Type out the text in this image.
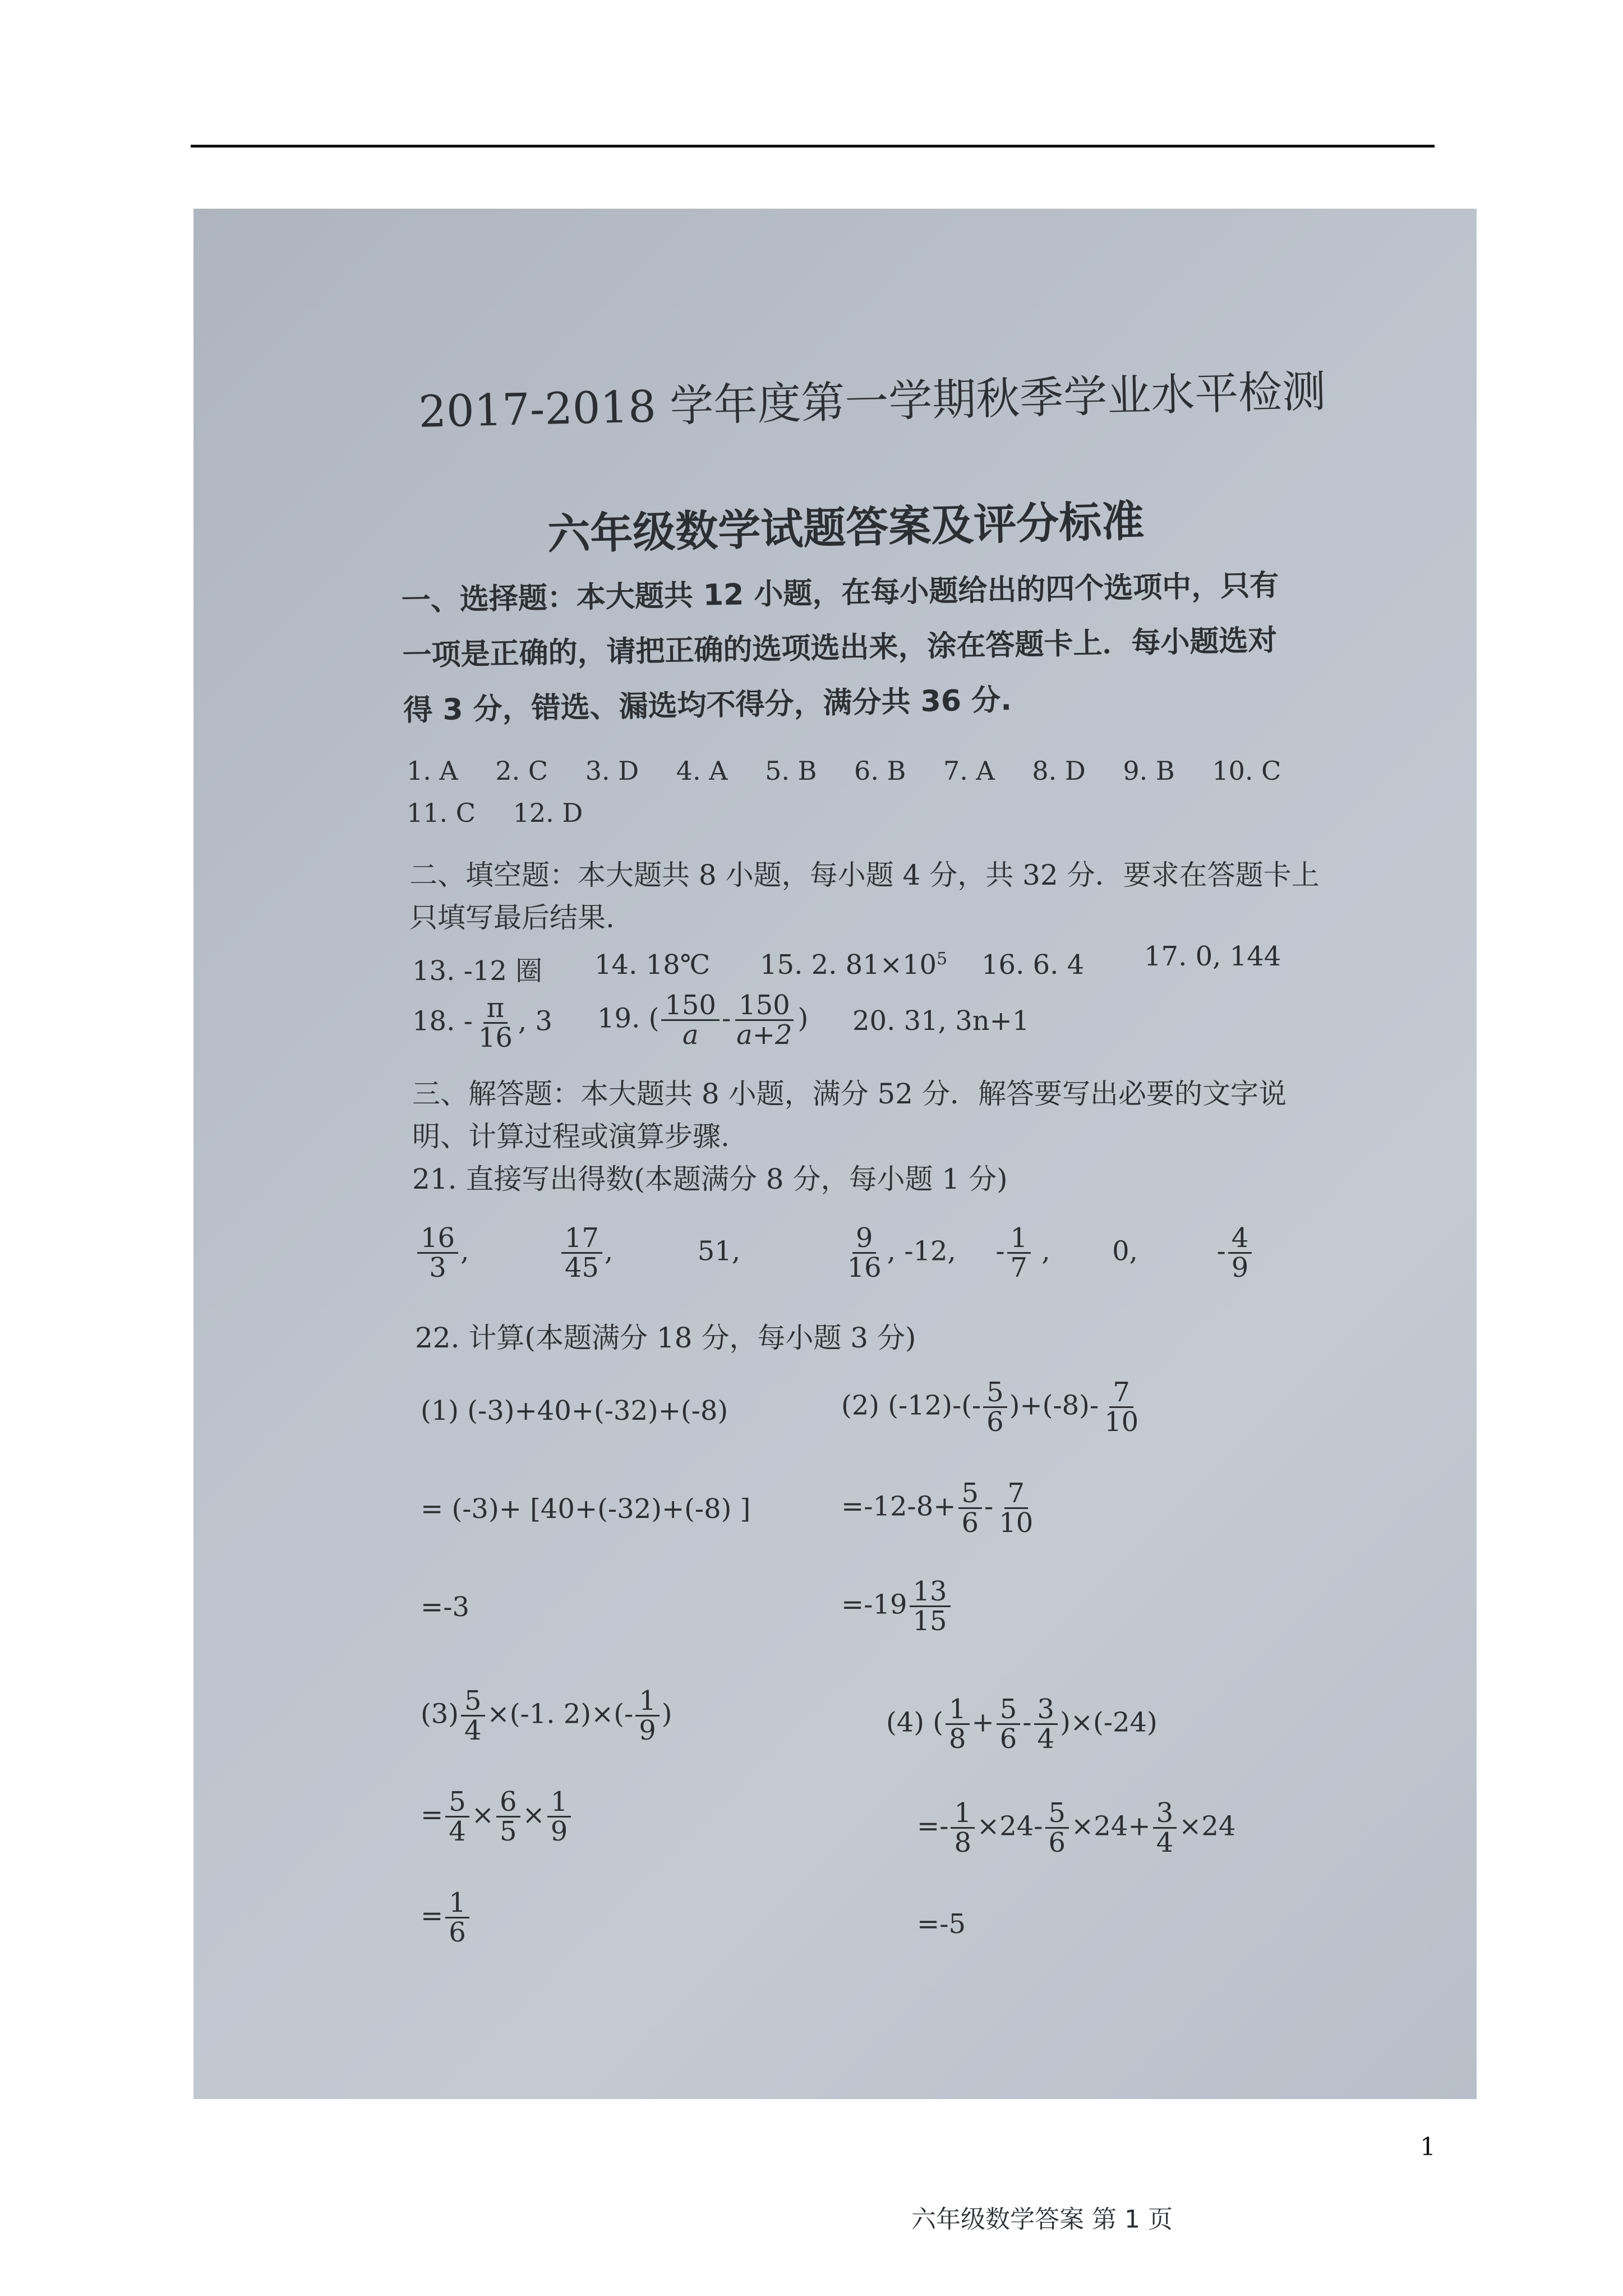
2017-2018 学年度第一学期秋季学业水平检测
六年级数学试题答案及评分标准
一、选择题：本大题共 12 小题，在每小题给出的四个选项中，只有
一项是正确的，请把正确的选项选出来，涂在答题卡上．每小题选对
得 3 分，错选、漏选均不得分，满分共 36 分.
1. A 2. C 3. D 4. A 5. B 6. B 7. A 8. D 9. B 10. C
11. C 12. D
二、填空题：本大题共 8 小题，每小题 4 分，共 32 分．要求在答题卡上
只填写最后结果.
13. -12 圈 14. 18℃ 15. 2. $81\times 10^5$ 16. 6. 4 17. 0, 144
18. - $\frac{\pi}{16}$ , 3 19. ( $\frac{150}{a} - \frac{150}{a+2}$ ) 20. 31, 3n+1
三、解答题：本大题共 8 小题，满分 52 分．解答要写出必要的文字说
明、计算过程或演算步骤.
21. 直接写出得数(本题满分 8 分，每小题 1 分)
$\frac{16}{3}$ ,	$\frac{17}{45}$ ,	51,	$\frac{9}{16}$ , -12, - $\frac{1}{7}$ , 0,	- $\frac{4}{9}$
22. 计算(本题满分 18 分，每小题 3 分)
(1) (-3)+40+(-32)+(-8)
= (-3)+ [40+(-32)+(-8) ]
=-3
(2) $(-12)-(- \frac{5}{6} )+(-8)- \frac{7}{10}$
$=-12-8+ \frac{5}{6} - \frac{7}{10}$
$=-19 \frac{13}{15}$
$(3) \frac{5}{4} \times(-1$. $2)\times(- \frac{1}{9}$ )
= $\frac{5}{4} \times \frac{6}{5} \times \frac{1}{9}$
= $\frac{1}{6}$
(4) ( $\frac{1}{8} + \frac{5}{6} - \frac{3}{4} )\times(-24)$
=- $\frac{1}{8} \times 24- \frac{5}{6} \times 24+ \frac{3}{4} \times 24$
=-5
六年级数学答案 第 1 页
1
